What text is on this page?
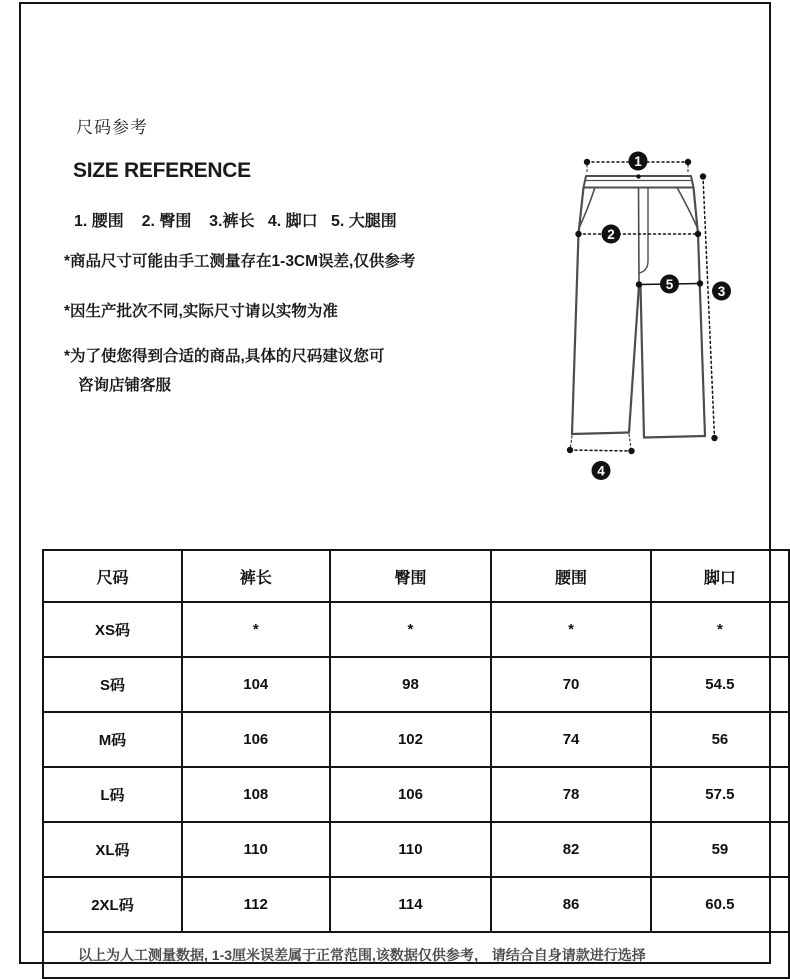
尺码参考
SIZE REFERENCE
1. 腰围    2. 臀围    3.裤长   4. 脚口   5. 大腿围
*商品尺寸可能由手工测量存在1-3CM误差,仅供参考
*因生产批次不同,实际尺寸请以实物为准
*为了使您得到合适的商品,具体的尺码建议您可
咨询店铺客服
1
2
3
4
5
尺码	裤长	臀围	腰围	脚口
XS码	*	*	*	*
S码	104	98	70	54.5
M码	106	102	74	56
L码	108	106	78	57.5
XL码	110	110	82	59
2XL码	112	114	86	60.5
以上为人工测量数据, 1-3厘米误差属于正常范围,该数据仅供参考， 请结合自身请款进行选择				
